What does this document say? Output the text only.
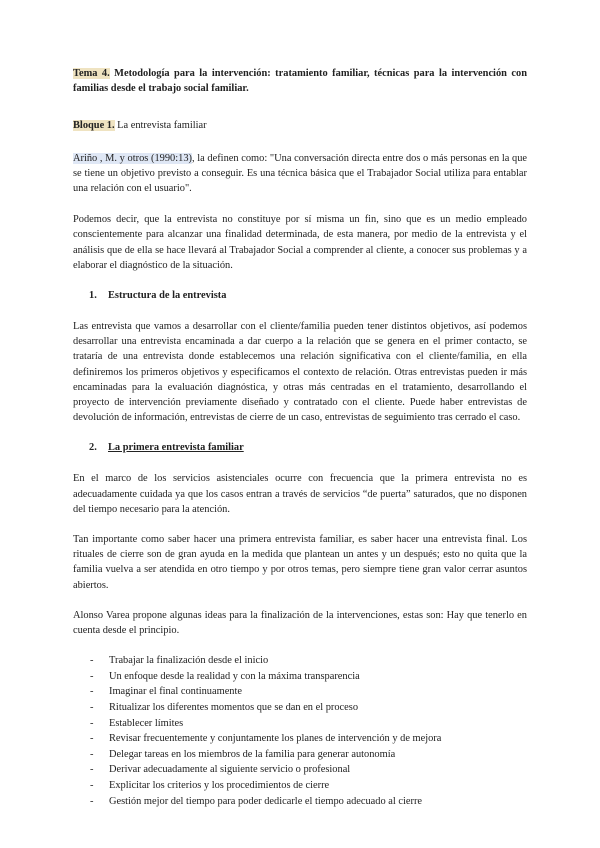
Tema 4. Metodología para la intervención: tratamiento familiar, técnicas para la intervención con familias desde el trabajo social familiar.

Bloque 1. La entrevista familiar

Ariño , M. y otros (1990:13), la definen como: "Una conversación directa entre dos o más personas en la que se tiene un objetivo previsto a conseguir. Es una técnica básica que el Trabajador Social utiliza para entablar una relación con el usuario".

Podemos decir, que la entrevista no constituye por sí misma un fin, sino que es un medio empleado conscientemente para alcanzar una finalidad determinada, de esta manera, por medio de la entrevista y el análisis que de ella se hace llevará al Trabajador Social a comprender al cliente, a conocer sus problemas y a elaborar el diagnóstico de la situación.

1.	Estructura de la entrevista

Las entrevista que vamos a desarrollar con el cliente/familia pueden tener distintos objetivos, así podemos desarrollar una entrevista encaminada a dar cuerpo a la relación que se genera en el primer contacto, se trataría de una entrevista donde establecemos una relación significativa con el cliente/familia, en ella definiremos los primeros objetivos y especificamos el contexto de relación. Otras entrevistas pueden ir más encaminadas para la evaluación diagnóstica, y otras más centradas en el tratamiento, desarrollando el proyecto de intervención previamente diseñado y contratado con el cliente. Puede haber entrevistas de devolución de información, entrevistas de cierre de un caso, entrevistas de seguimiento tras cerrado el caso.

2.	La primera entrevista familiar

En el marco de los servicios asistenciales ocurre con frecuencia que la primera entrevista no es adecuadamente cuidada ya que los casos entran a través de servicios “de puerta” saturados, que no disponen del tiempo necesario para la atención.

Tan importante como saber hacer una primera entrevista familiar, es saber hacer una entrevista final. Los rituales de cierre son de gran ayuda en la medida que plantean un antes y un después; esto no quita que la familia vuelva a ser atendida en otro tiempo y por otros temas, pero siempre tiene gran valor cerrar asuntos abiertos.

Alonso Varea propone algunas ideas para la finalización de la intervenciones, estas son: Hay que tenerlo en cuenta desde el principio.

-	Trabajar la finalización desde el inicio
-	Un enfoque desde la realidad y con la máxima transparencia
-	Imaginar el final continuamente
-	Ritualizar los diferentes momentos que se dan en el proceso
-	Establecer límites
-	Revisar frecuentemente y conjuntamente los planes de intervención y de mejora
-	Delegar tareas en los miembros de la familia para generar autonomía
-	Derivar adecuadamente al siguiente servicio o profesional
-	Explicitar los criterios y los procedimientos de cierre
-	Gestión mejor del tiempo para poder dedicarle el tiempo adecuado al cierre
